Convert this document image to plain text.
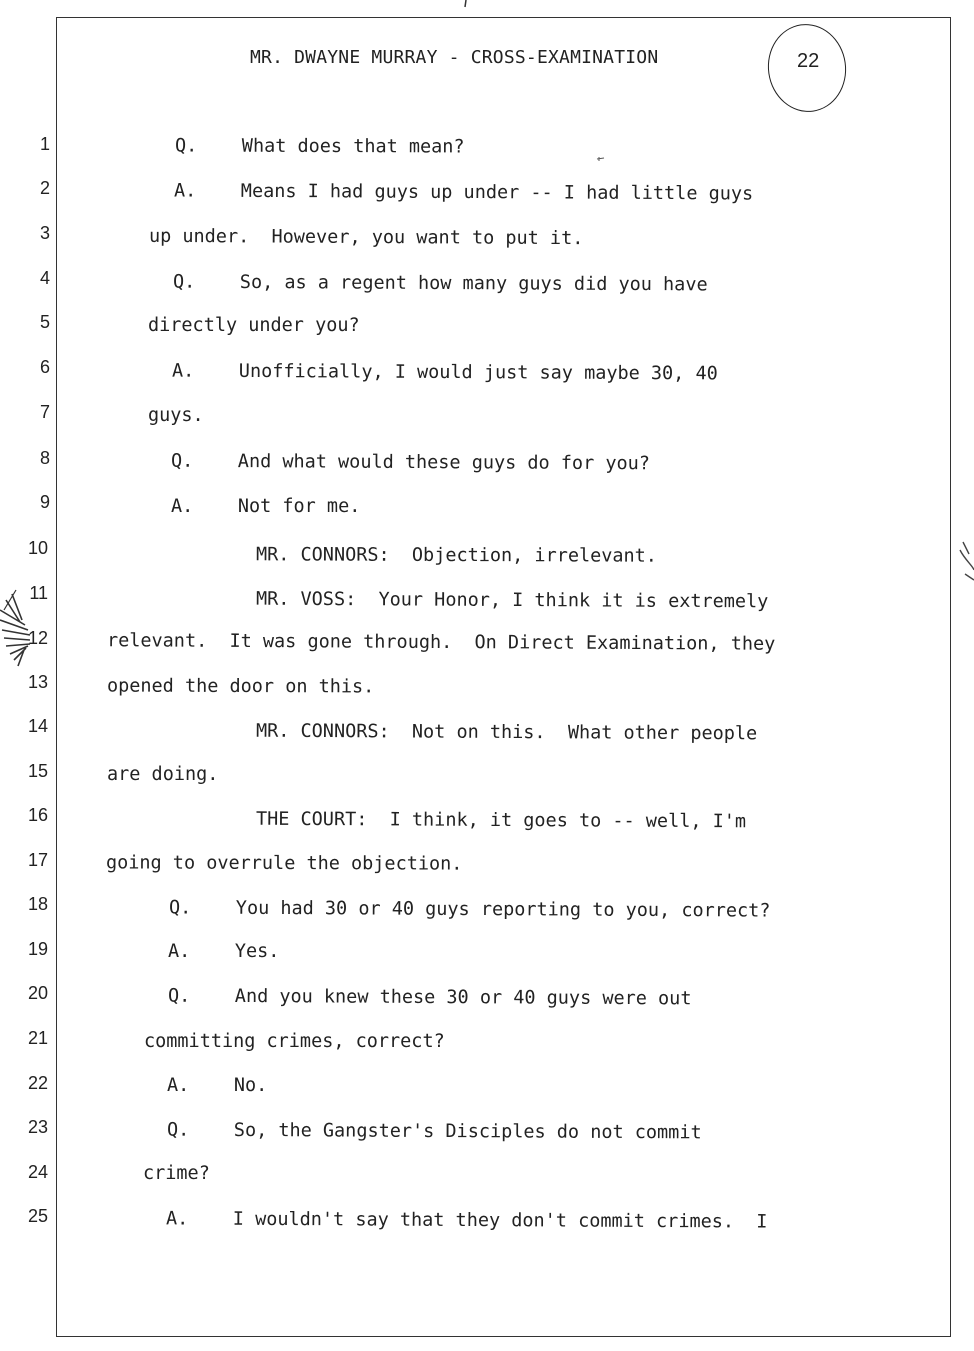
MR. DWAYNE MURRAY - CROSS-EXAMINATION	22
1
2
3
4
5
6
7
8
9
10
11
12
13
14
15
16
17
18
19
20
21
22
23
24
25
Q.    What does that mean?
A.    Means I had guys up under -- I had little guys
up under.  However, you want to put it.
Q.    So, as a regent how many guys did you have
directly under you?
A.    Unofficially, I would just say maybe 30, 40
guys.
Q.    And what would these guys do for you?
A.    Not for me.
MR. CONNORS:  Objection, irrelevant.
MR. VOSS:  Your Honor, I think it is extremely
relevant.  It was gone through.  On Direct Examination, they
opened the door on this.
MR. CONNORS:  Not on this.  What other people
are doing.
THE COURT:  I think, it goes to -- well, I'm
going to overrule the objection.
Q.    You had 30 or 40 guys reporting to you, correct?
A.    Yes.
Q.    And you knew these 30 or 40 guys were out
committing crimes, correct?
A.    No.
Q.    So, the Gangster's Disciples do not commit
crime?
A.    I wouldn't say that they don't commit crimes.  I
